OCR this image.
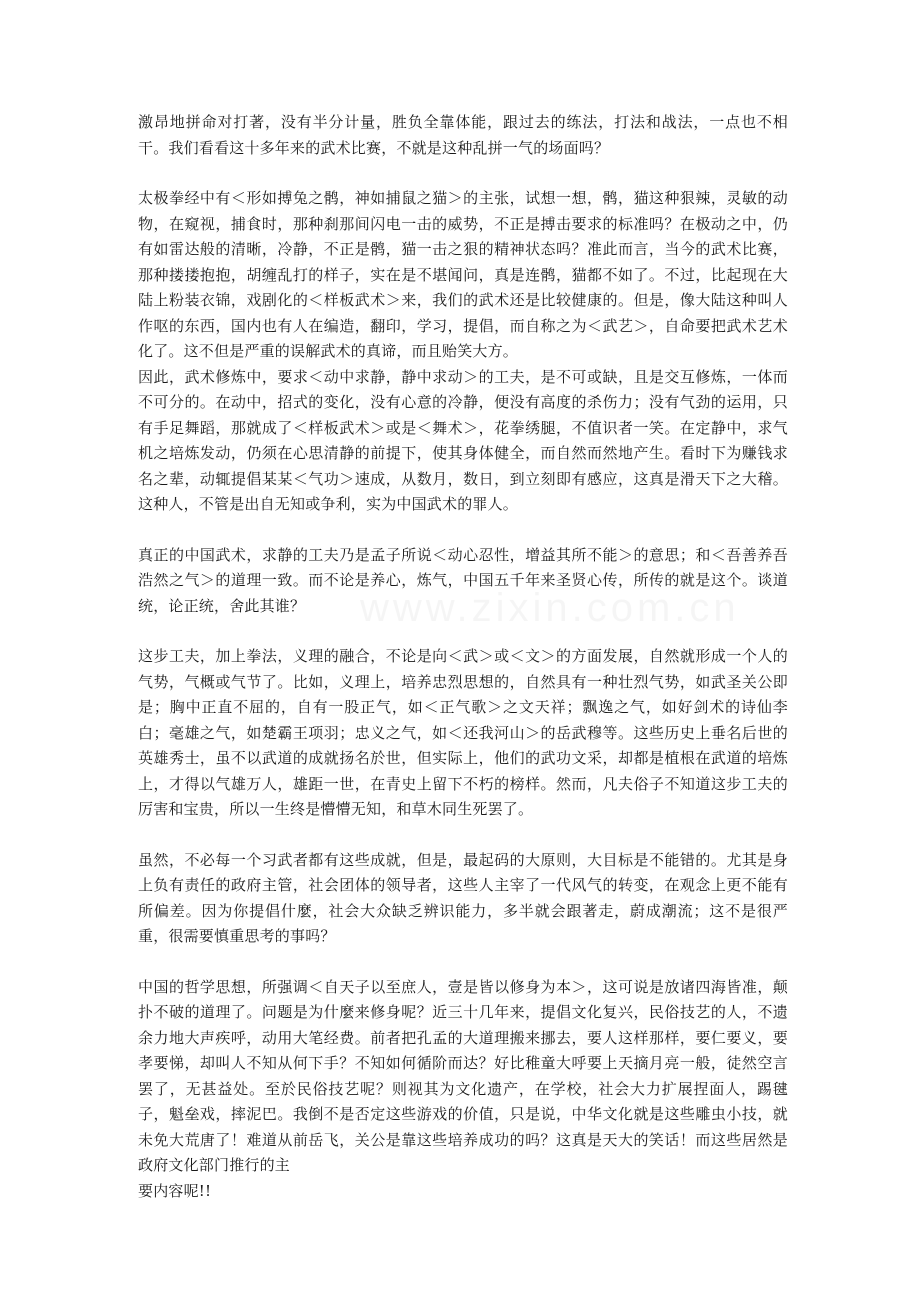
激昂地拼命对打著，没有半分计量，胜负全靠体能，跟过去的练法，打法和战法，一点也不相干。我们看看这十多年来的武术比赛，不就是这种乱拼一气的场面吗？

太极拳经中有＜形如搏兔之鹘，神如捕鼠之猫＞的主张，试想一想，鹘，猫这种狠辣，灵敏的动物，在窥视，捕食时，那种刹那间闪电一击的威势，不正是搏击要求的标准吗？在极动之中，仍有如雷达般的清晰，冷静，不正是鹘，猫一击之狠的精神状态吗？准此而言，当今的武术比赛，那种搂搂抱抱，胡缠乱打的样子，实在是不堪闻问，真是连鹘，猫都不如了。不过，比起现在大陆上粉装衣锦，戏剧化的＜样板武术＞来，我们的武术还是比较健康的。但是，像大陆这种叫人作呕的东西，国内也有人在编造，翻印，学习，提倡，而自称之为＜武艺＞，自命要把武术艺术化了。这不但是严重的误解武术的真谛，而且贻笑大方。

因此，武术修炼中，要求＜动中求静，静中求动＞的工夫，是不可或缺，且是交互修炼，一体而不可分的。在动中，招式的变化，没有心意的冷静，便没有高度的杀伤力；没有气劲的运用，只有手足舞蹈，那就成了＜样板武术＞或是＜舞术＞，花拳绣腿，不值识者一笑。在定静中，求气机之培炼发动，仍须在心思清静的前提下，使其身体健全，而自然而然地产生。看时下为赚钱求名之辈，动辄提倡某某＜气功＞速成，从数月，数日，到立刻即有感应，这真是滑天下之大稽。这种人，不管是出自无知或争利，实为中国武术的罪人。

真正的中国武术，求静的工夫乃是孟子所说＜动心忍性，增益其所不能＞的意思；和＜吾善养吾浩然之气＞的道理一致。而不论是养心，炼气，中国五千年来圣贤心传，所传的就是这个。谈道统，论正统，舍此其谁？

这步工夫，加上拳法，义理的融合，不论是向＜武＞或＜文＞的方面发展，自然就形成一个人的气势，气概或气节了。比如，义理上，培养忠烈思想的，自然具有一种壮烈气势，如武圣关公即是；胸中正直不屈的，自有一股正气，如＜正气歌＞之文天祥；飘逸之气，如好剑术的诗仙李白；毫雄之气，如楚霸王项羽；忠义之气，如＜还我河山＞的岳武穆等。这些历史上垂名后世的英雄秀士，虽不以武道的成就扬名於世，但实际上，他们的武功文采，却都是植根在武道的培炼上，才得以气雄万人，雄距一世，在青史上留下不朽的榜样。然而，凡夫俗子不知道这步工夫的厉害和宝贵，所以一生终是懵懵无知，和草木同生死罢了。

虽然，不必每一个习武者都有这些成就，但是，最起码的大原则，大目标是不能错的。尤其是身上负有责任的政府主管，社会团体的领导者，这些人主宰了一代风气的转变，在观念上更不能有所偏差。因为你提倡什麼，社会大众缺乏辨识能力，多半就会跟著走，蔚成潮流；这不是很严重，很需要慎重思考的事吗？

中国的哲学思想，所强调＜自天子以至庶人，壹是皆以修身为本＞，这可说是放诸四海皆准，颠扑不破的道理了。问题是为什麼来修身呢？近三十几年来，提倡文化复兴，民俗技艺的人，不遗余力地大声疾呼，动用大笔经费。前者把孔孟的大道理搬来挪去，要人这样那样，要仁要义，要孝要悌，却叫人不知从何下手？不知如何循阶而达？好比稚童大呼要上天摘月亮一般，徒然空言罢了，无甚益处。至於民俗技艺呢？则视其为文化遗产，在学校，社会大力扩展捏面人，踢毽子，魁垒戏，摔泥巴。我倒不是否定这些游戏的价值，只是说，中华文化就是这些雕虫小技，就未免大荒唐了！难道从前岳飞，关公是靠这些培养成功的吗？这真是天大的笑话！而这些居然是政府文化部门推行的主

要内容呢!!
